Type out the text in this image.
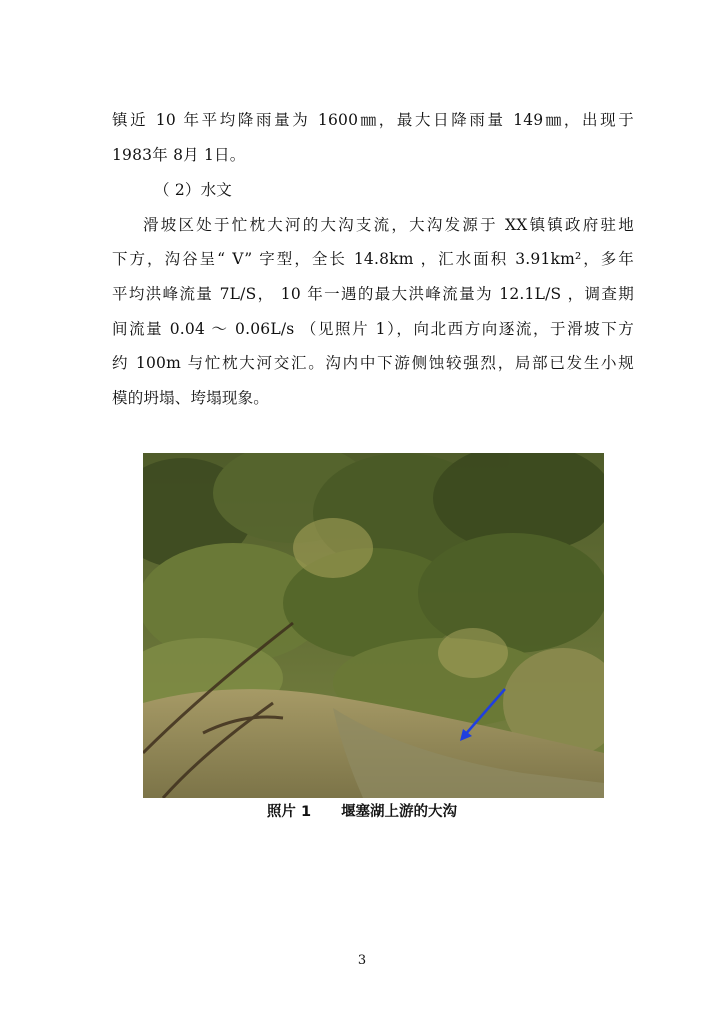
镇近 10 年平均降雨量为 1600㎜，最大日降雨量 149㎜，出现于
1983年 8月 1日。
（ 2）水文
滑坡区处于忙枕大河的大沟支流，大沟发源于 XX镇镇政府驻地
下方，沟谷呈“ V” 字型，全长 14.8km ，汇水面积 3.91km²，多年
平均洪峰流量 7L/S， 10 年一遇的最大洪峰流量为 12.1L/S ，调查期
间流量 0.04 ～ 0.06L/s （见照片 1），向北西方向逐流，于滑坡下方
约 100m 与忙枕大河交汇。沟内中下游侧蚀较强烈，局部已发生小规
模的坍塌、垮塌现象。
照片 1 堰塞湖上游的大沟
3
